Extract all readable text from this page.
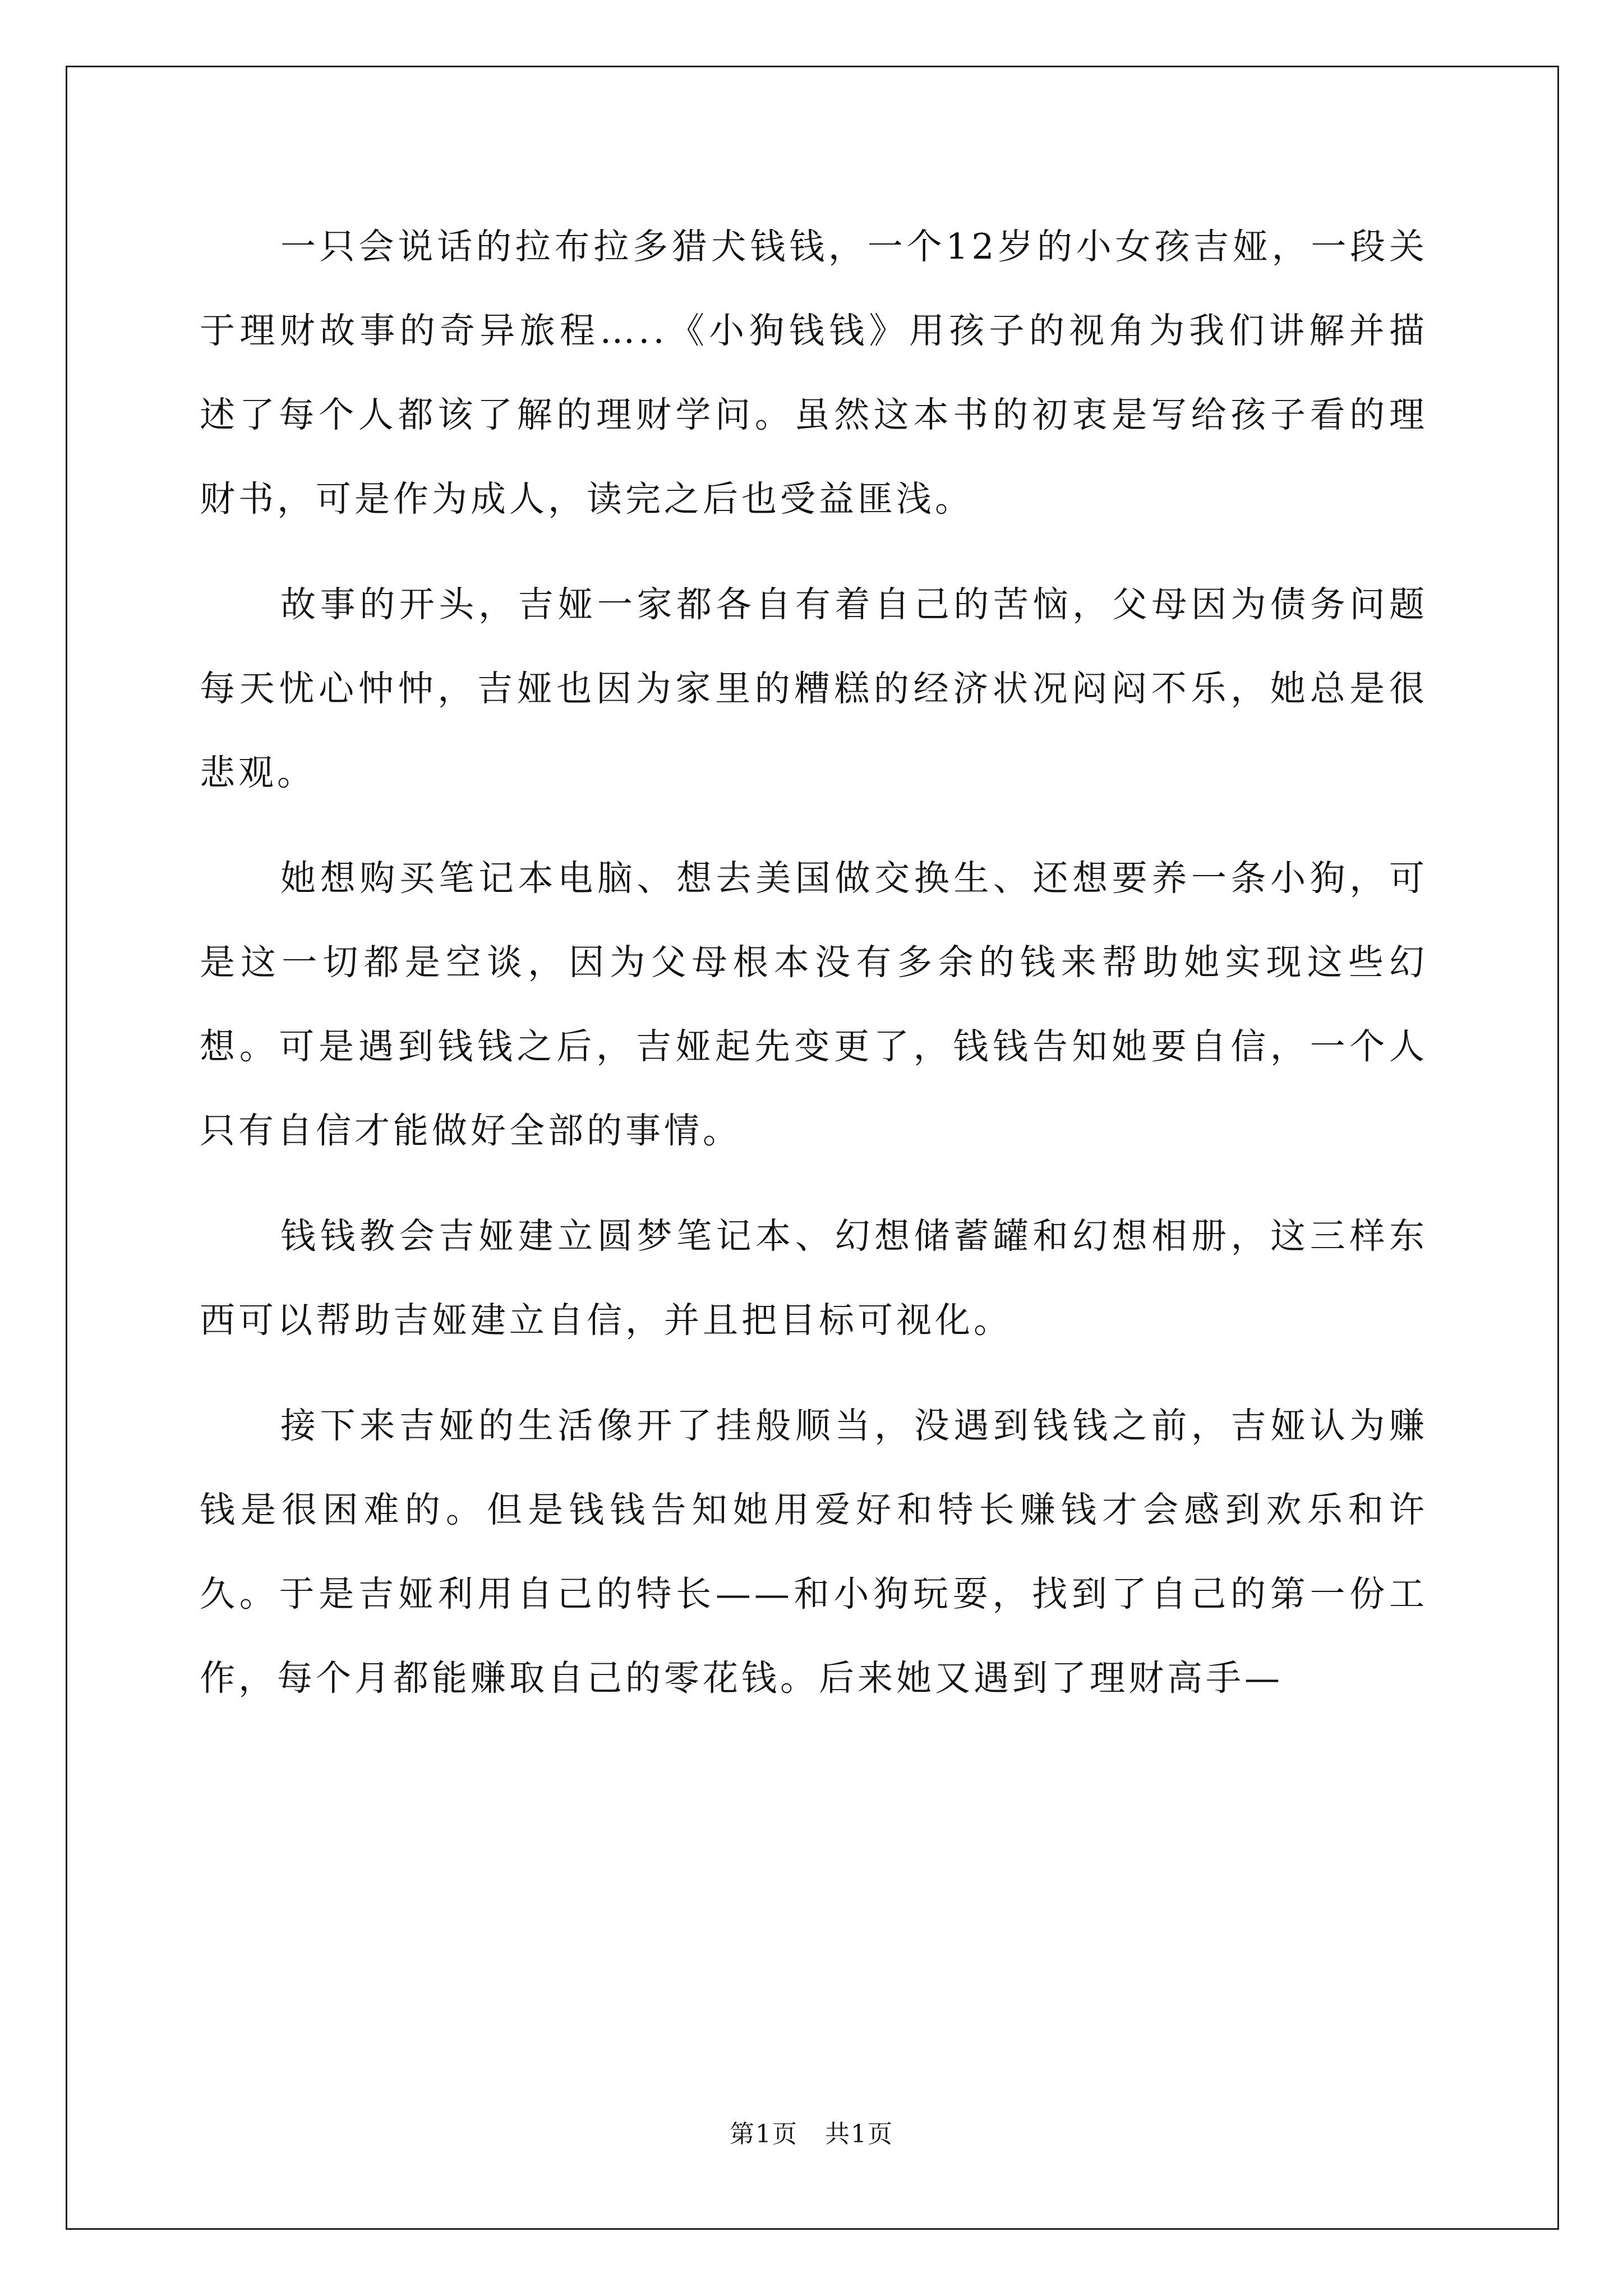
一只会说话的拉布拉多猎犬钱钱，一个12岁的小女孩吉娅，一段关于理财故事的奇异旅程…..《小狗钱钱》用孩子的视角为我们讲解并描述了每个人都该了解的理财学问。虽然这本书的初衷是写给孩子看的理财书，可是作为成人，读完之后也受益匪浅。

故事的开头，吉娅一家都各自有着自己的苦恼，父母因为债务问题每天忧心忡忡，吉娅也因为家里的糟糕的经济状况闷闷不乐，她总是很悲观。

她想购买笔记本电脑、想去美国做交换生、还想要养一条小狗，可是这一切都是空谈，因为父母根本没有多余的钱来帮助她实现这些幻想。可是遇到钱钱之后，吉娅起先变更了，钱钱告知她要自信，一个人只有自信才能做好全部的事情。

钱钱教会吉娅建立圆梦笔记本、幻想储蓄罐和幻想相册，这三样东西可以帮助吉娅建立自信，并且把目标可视化。

接下来吉娅的生活像开了挂般顺当，没遇到钱钱之前，吉娅认为赚钱是很困难的。但是钱钱告知她用爱好和特长赚钱才会感到欢乐和许久。于是吉娅利用自己的特长——和小狗玩耍，找到了自己的第一份工作，每个月都能赚取自己的零花钱。后来她又遇到了理财高手—

第1页 共1页
